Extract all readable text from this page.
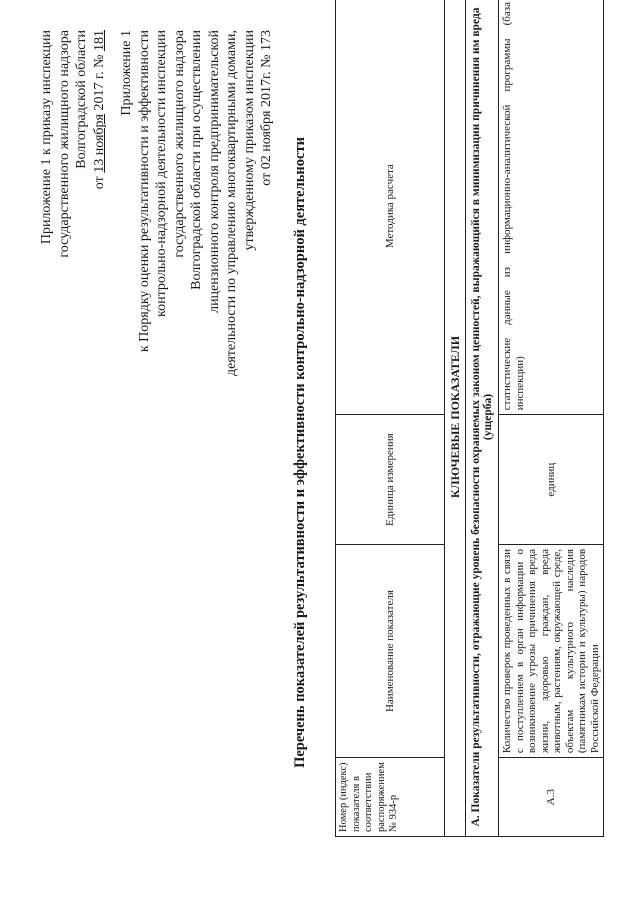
Приложение 1 к приказу инспекции государственного жилищного надзора Волгоградской области
от 13 ноября 2017 г. № 181 Приложение 1 к Порядку оценки результативности и эффективности контрольно-надзорной деятельности инспекции государственного жилищного надзора Волгоградской области при осуществлении лицензионного контроля предпринимательской деятельности по управлению многоквартирными домами, утвержденному приказом инспекции от 02 ноября 2017г. № 173
Перечень показателей результативности и эффективности контрольно-надзорной деятельности
Номер (индекс) показателя в соответствии распоряжением № 934-р	Наименование показателя	Единица измерения	Методика расчета
КЛЮЧЕВЫЕ ПОКАЗАТЕЛИ			
А. Показатели результативности, отражающие уровень безопасности охраняемых законом ценностей, выражающийся в минимизации причинения им вреда (ущерба)			
А.3	Количество проверок проведенных в связи с поступлением в орган информации о возникновение угрозы причинения вреда жизни, здоровью граждан, вреда животным, растениям, окружающей среде, объектам культурного наследия (памятникам истории и культуры) народов Российской Федерации	единиц	статистические данные из информационно-аналитической программы (база инспекции)
